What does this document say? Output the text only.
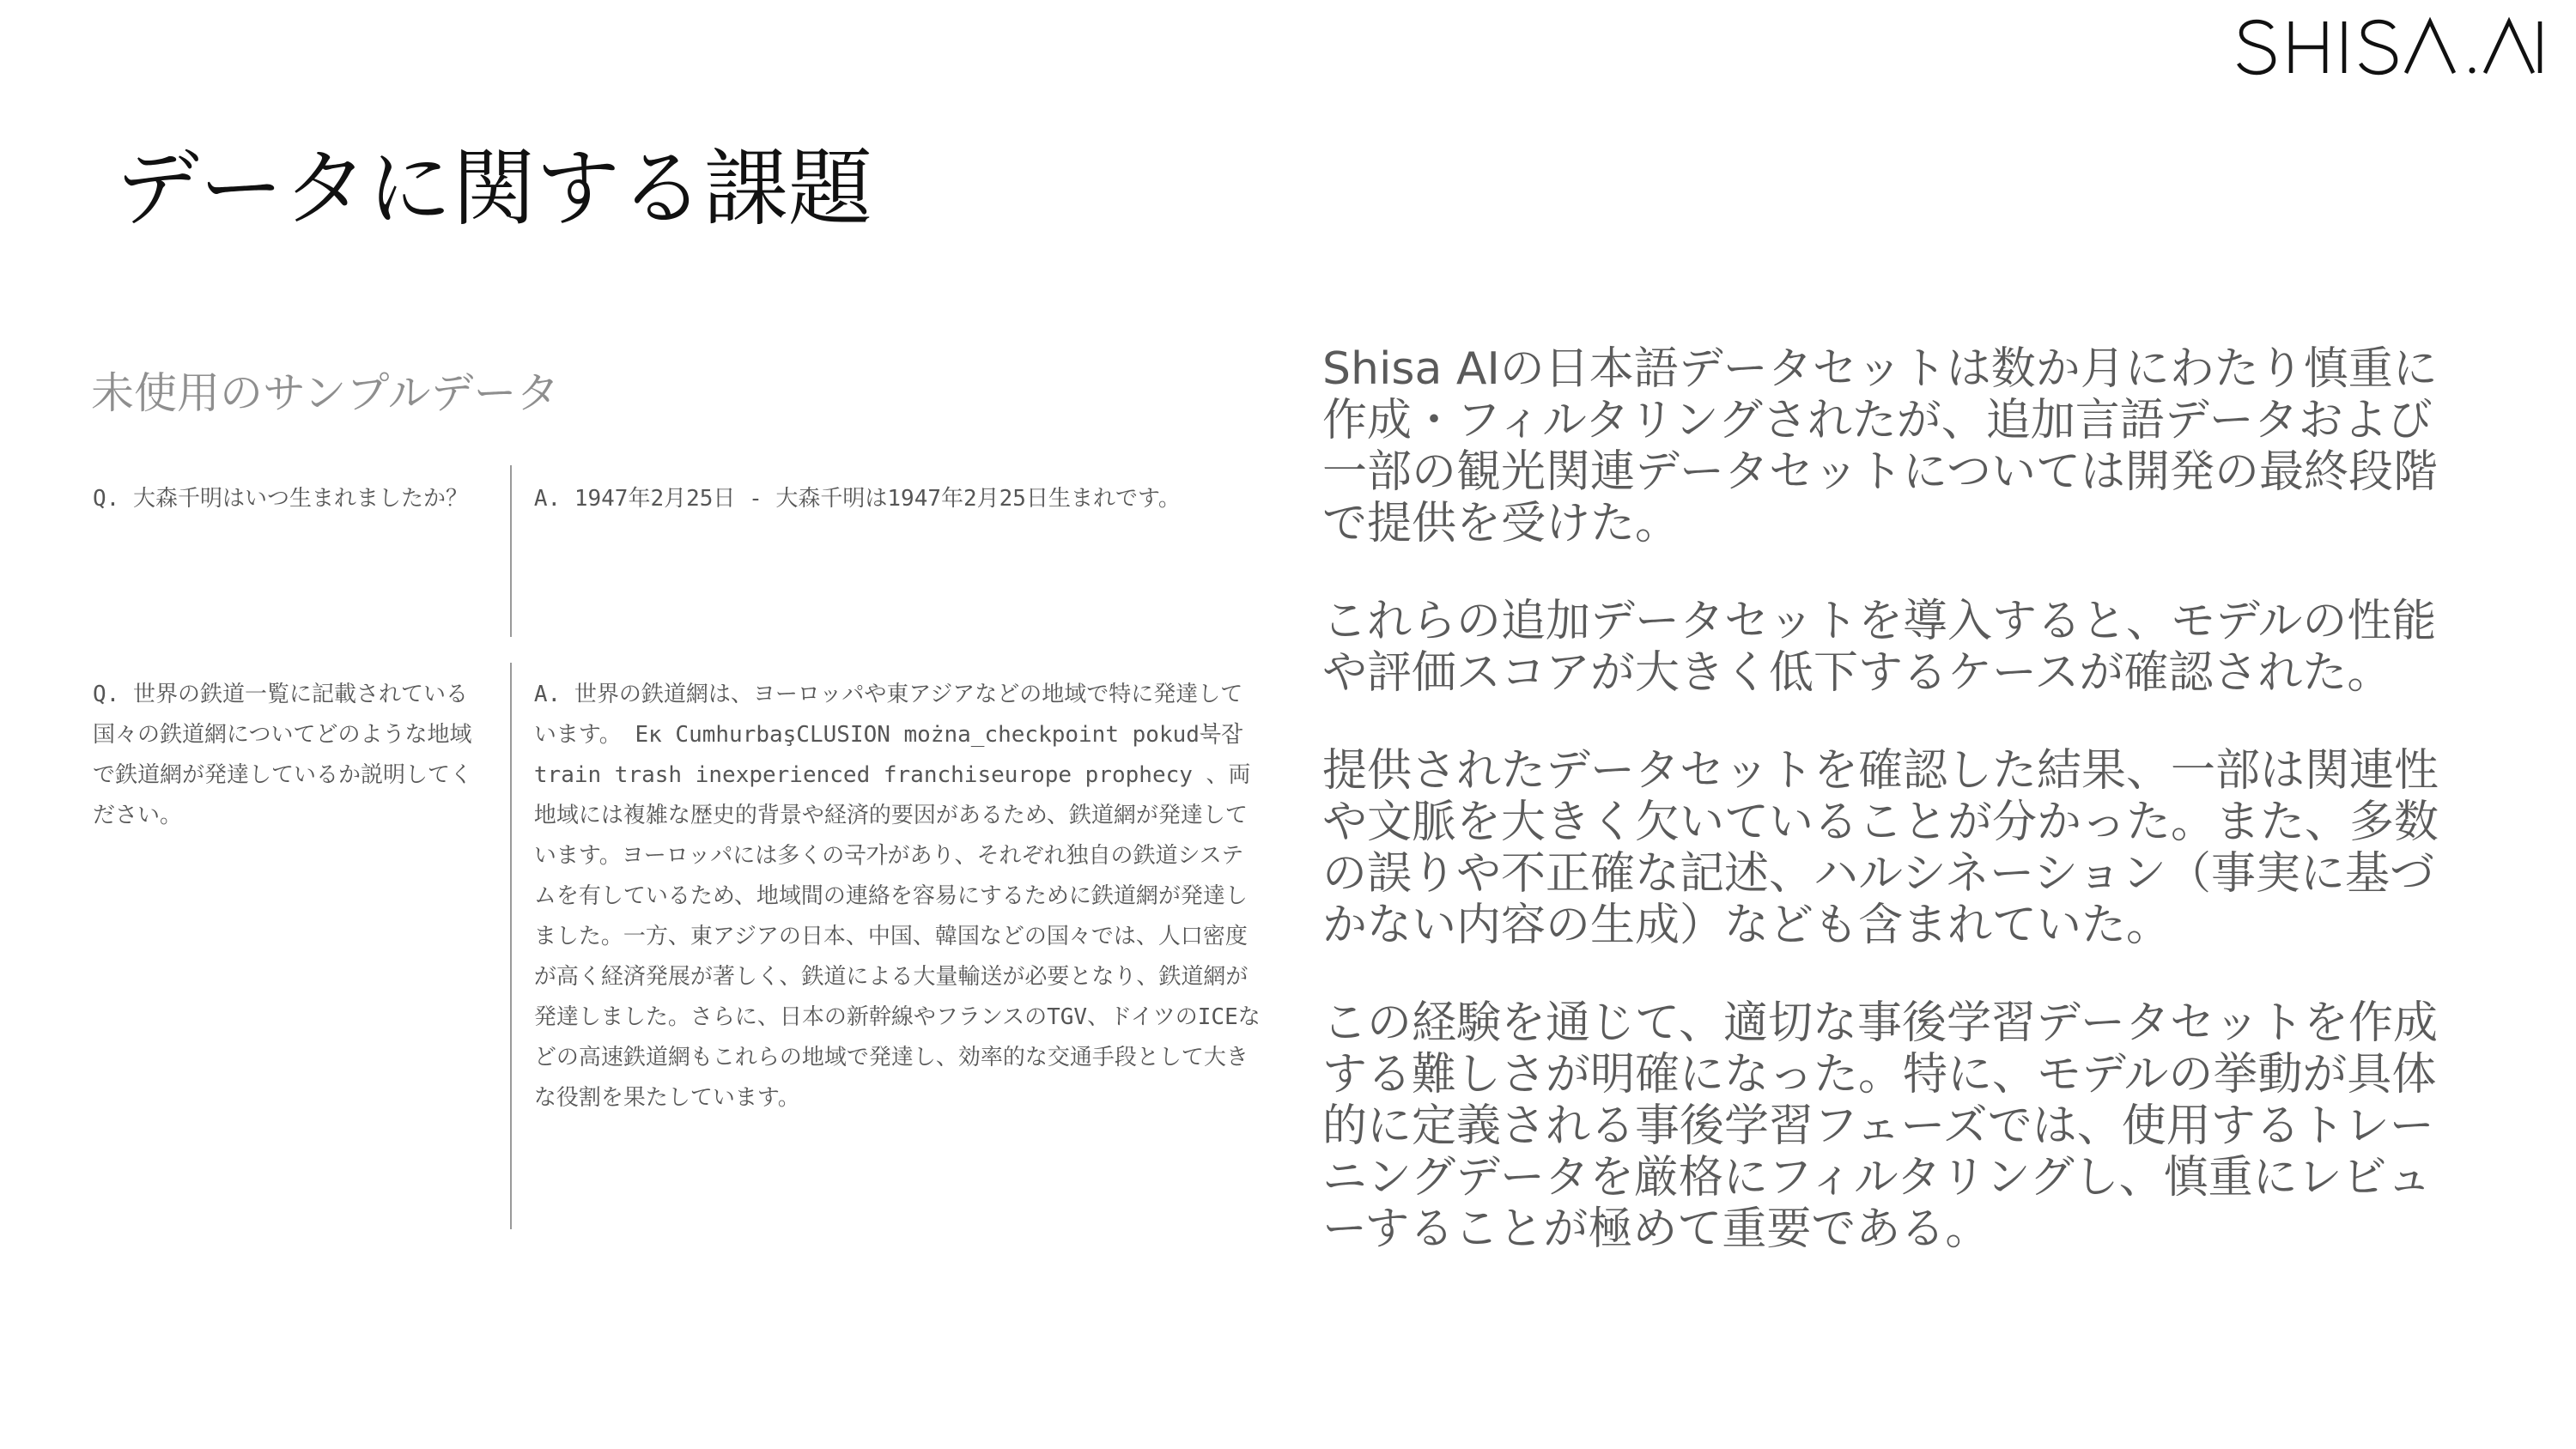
データに関する課題
未使用のサンプルデータ
Q. 大森千明はいつ生まれましたか？	A. 1947年2月25日 - 大森千明は1947年2月25日生まれです。
Q. 世界の鉄道一覧に記載されている国々の鉄道網についてどのような地域で鉄道網が発達しているか説明してください。
A. 世界の鉄道網は、ヨーロッパや東アジアなどの地域で特に発達しています。 Eκ CumhurbaşCLUSION można_checkpoint pokud북잡 train trash inexperienced franchiseurope prophecy 、両地域には複雑な歴史的背景や経済的要因があるため、鉄道網が発達しています。ヨーロッパには多くの국가があり、それぞれ独自の鉄道システムを有しているため、地域間の連絡を容易にするために鉄道網が発達しました。一方、東アジアの日本、中国、韓国などの国々では、人口密度が高く経済発展が著しく、鉄道による大量輸送が必要となり、鉄道網が発達しました。さらに、日本の新幹線やフランスのTGV、ドイツのICEなどの高速鉄道網もこれらの地域で発達し、効率的な交通手段として大きな役割を果たしています。

Shisa AIの日本語データセットは数か月にわたり慎重に作成・フィルタリングされたが、追加言語データおよび一部の観光関連データセットについては開発の最終段階で提供を受けた。

これらの追加データセットを導入すると、モデルの性能や評価スコアが大きく低下するケースが確認された。

提供されたデータセットを確認した結果、一部は関連性や文脈を大きく欠いていることが分かった。また、多数の誤りや不正確な記述、ハルシネーション（事実に基づかない内容の生成）なども含まれていた。

この経験を通じて、適切な事後学習データセットを作成する難しさが明確になった。特に、モデルの挙動が具体的に定義される事後学習フェーズでは、使用するトレーニングデータを厳格にフィルタリングし、慎重にレビューすることが極めて重要である。
